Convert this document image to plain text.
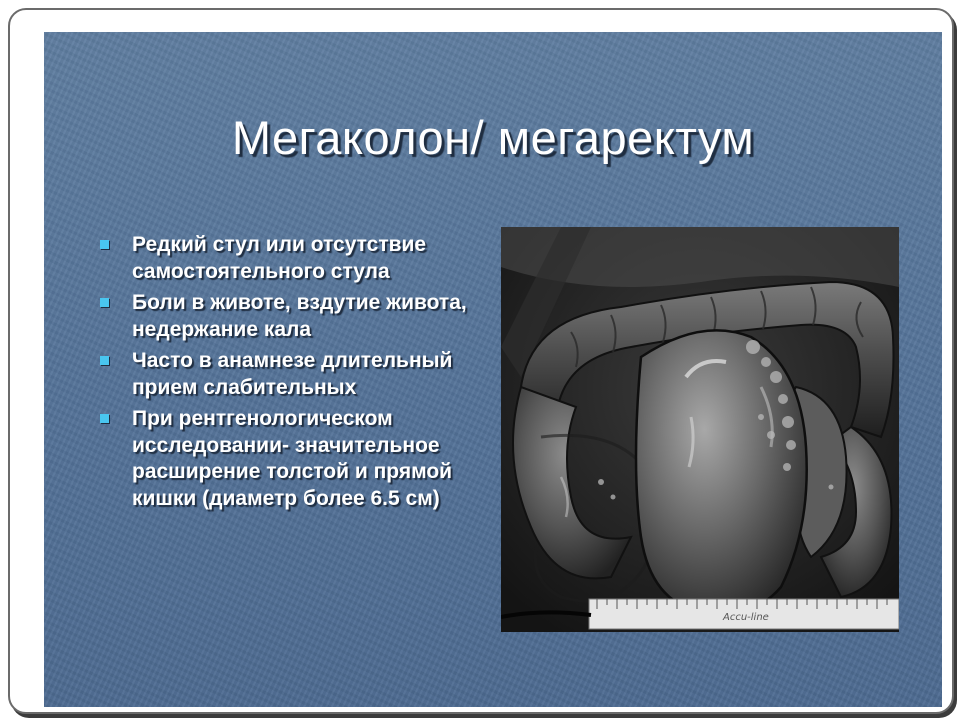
Мегаколон/ мегаректум
Редкий стул или отсутствие самостоятельного стула
Боли в животе, вздутие живота, недержание кала
Часто в анамнезе длительный прием слабительных
При рентгенологическом исследовании- значительное расширение толстой и прямой кишки (диаметр более 6.5 см)
Accu-line
